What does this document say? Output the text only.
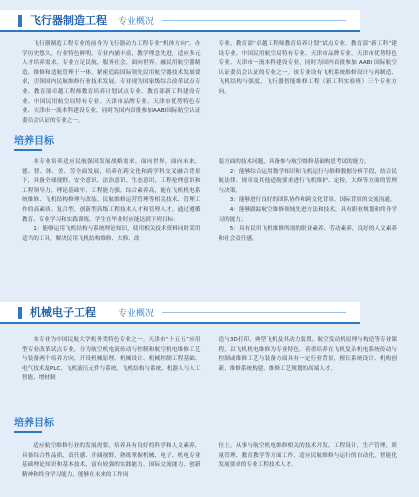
飞行器制造工程 专业概况

飞行器制造工程专业的前身为飞行器动力工程专业“机体方向”，办学历史悠久，行业特色鲜明，专业内涵丰富，教学理念先进，适应多元人才培养需求，专业立足民航，服务社会，面向世界。融民用航空器制造、维修和适航管理于一体，紧密追踪国际领先民用航空器技术发展要求，引领国内民航维修行业技术发展。专业现为国家级综合改革试点专业、教育部卓越工程师教育培养计划试点专业、教育部新工科建设专业、中国民用航空局特有专业、天津市品牌专业、天津市优势特色专业、天津市一流本科建设专业，同时为国内首批参加AABI国际航空认证委员会认证的专业之一。

专业、教育部“卓越工程师教育培养计划”试点专业、教育部“新工科”建设专业、中国民用航空局特有专业、天津市品牌专业、天津市优势特色专业、天津市一流本科建设专业，同时为国内首批参加 AABI 国际航空认证委员会认证的专业之一。该专业设有飞机系统维修设计与再制造、飞机结构与强度、飞行器智能维修工程（新工科实验班）三个专业方向。

培养目标

本专业培养适应民航强国发展战略需求，面向世界，面向未来，德、智、体、美、劳全面发展，培养在跨文化和跨学科交叉融合背景下，具备全球视野、安全意识、法治意识、生态意识，工程伦理意识和工程领导力，理论基础牢、工程能力强，综合素养高，能在飞机机电系统维修、飞机结构修理与改装、民航维修运营管理等相关技术、管理工作的高素质、复合型、创新型高级工程技术人才和管理人才。通过遵循教育、专业学习和实践训练，学生在毕业时应能达到下列目标：

1：能够运用飞机结构与系统理论知识，使用相关技术资料同时采用适当的工具，解决民用飞机结构维修、大修、改

装方面的技术问题，具备参与航空维修基础构思考试的能力。

2：能够综合运用数学知识和飞机运行与维修数据分析手段，结合民航法律、规章及其他适航要求进行飞机维护、定检，大修等方面的管理与决策。

3：能够进行良好的团队协作和跨文化背景、国际背景的交流沟通。

4：能够跟踪航空维修领域先进方法和技术，具有职业规划和终身学习的能力。

5：具有民用飞机维修所需的职业素养、劳动素养，良好的人文素养和社会责任感。

机械电子工程 专业概况

本专业为中国民航大学机务类特色专业之一。天津市“十五五”应用型专业改革试点专业，分为航空机电液传动与控制和航空机电维修工艺与装备两个培养方向，开设机械原理、机械设计、机械控制工程基础、电气技术及PLC、飞机液压元件与系统、飞机结构与系统、机器人与人工智能、增材制

造与3D打印、典型飞机及其动力装置、航空发动机原理与构造等专业课程，以飞机机电维修为专业特色，着重培养在飞机复杂机电系统传动与控制或维修工艺与装备方面具有一定行业背景，擅长系统设计、机构创新、维修系统构建、维修工艺规划的高端人才。

培养目标

适应航空维修行业的发展需要，培养具有良好的科学和人文素养，具备综合性品质、责任感、开阔视野，熟练掌握机械、电子、机电专业基础理论知识和基本技术，富有较强的实践能力、国际交流能力、创新精神和终身学习能力，能够在未来的工作岗

位上，从事与航空机电维修相关的技术开发，工程设计，生产管理，质量管理、教育教学等方面工作，适应民航维修与运行的自动化、智能化发展要求的专业工程技术人才。
